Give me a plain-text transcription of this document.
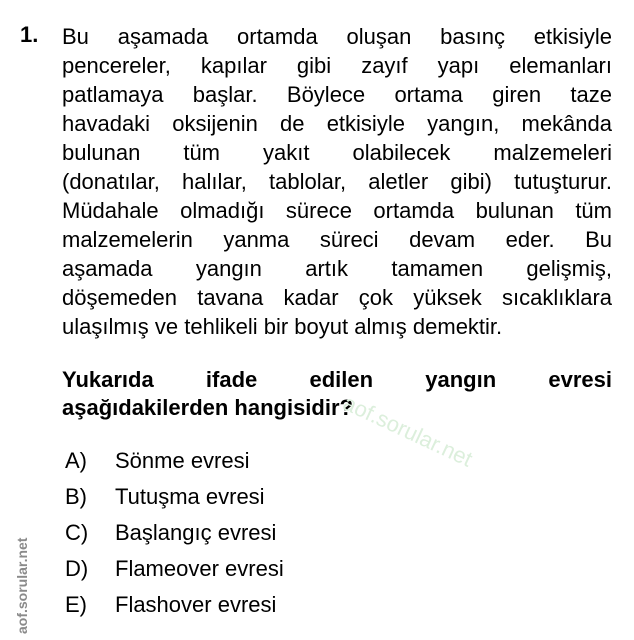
1. Bu aşamada ortamda oluşan basınç etkisiyle
pencereler, kapılar gibi zayıf yapı elemanları
patlamaya başlar. Böylece ortama giren taze
havadaki oksijenin de etkisiyle yangın, mekânda
bulunan tüm yakıt olabilecek malzemeleri
(donatılar, halılar, tablolar, aletler gibi) tutuşturur.
Müdahale olmadığı sürece ortamda bulunan tüm
malzemelerin yanma süreci devam eder. Bu
aşamada yangın artık tamamen gelişmiş,
döşemeden tavana kadar çok yüksek sıcaklıklara
ulaşılmış ve tehlikeli bir boyut almış demektir.
Yukarıda ifade edilen yangın evresi
aşağıdakilerden hangisidir?
A)	Sönme evresi
B)	Tutuşma evresi
C)	Başlangıç evresi
D)	Flameover evresi
E)	Flashover evresi
aof.sorular.net
aof.sorular.net
